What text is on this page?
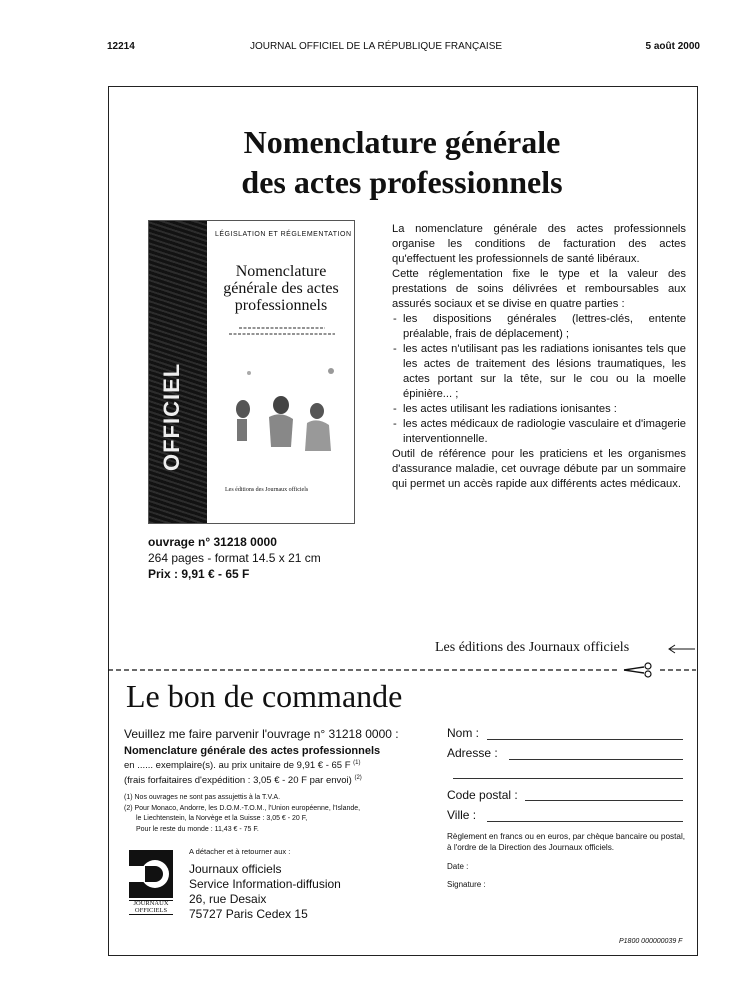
12214	JOURNAL OFFICIEL DE LA RÉPUBLIQUE FRANÇAISE	5 août 2000
Nomenclature générale
des actes professionnels
OFFICIEL
LÉGISLATION ET RÉGLEMENTATION
Nomenclature
générale des actes
professionnels
Les éditions des Journaux officiels
ouvrage n° 31218 0000
264 pages - format 14.5 x 21 cm
Prix : 9,91 € - 65 F

La nomenclature générale des actes professionnels organise les conditions de facturation des actes qu'effectuent les professionnels de santé libéraux.

Cette réglementation fixe le type et la valeur des prestations de soins délivrées et remboursables aux assurés sociaux et se divise en quatre parties :

- les dispositions générales (lettres-clés, entente préalable, frais de déplacement) ;
- les actes n'utilisant pas les radiations ionisantes tels que les actes de traitement des lésions traumatiques, les actes portant sur la tête, sur le cou ou la moelle épinière... ;
- les actes utilisant les radiations ionisantes :
- les actes médicaux de radiologie vasculaire et d'imagerie interventionnelle.

Outil de référence pour les praticiens et les organismes d'assurance maladie, cet ouvrage débute par un sommaire qui permet un accès rapide aux différents actes médicaux.

Les éditions des Journaux officiels
Le bon de commande
Veuillez me faire parvenir l'ouvrage n° 31218 0000 :
Nomenclature générale des actes professionnels
en ...... exemplaire(s). au prix unitaire de 9,91 € - 65 F $^{(1)}$
(frais forfaitaires d'expédition : 3,05 € - 20 F par envoi) $^{(2)}$
(1) Nos ouvrages ne sont pas assujettis à la T.V.A.
(2) Pour Monaco, Andorre, les D.O.M.-T.O.M., l'Union européenne, l'Islande,
le Liechtenstein, la Norvège et la Suisse : 3,05 € - 20 F,
Pour le reste du monde : 11,43 € - 75 F.
A détacher et à retourner aux :
JOURNAUX
OFFICIELS
Journaux officiels
Service Information-diffusion
26, rue Desaix
75727 Paris Cedex 15
Nom :
Adresse :
Code postal :
Ville :
Règlement en francs ou en euros, par chèque bancaire ou postal, à l'ordre de la Direction des Journaux officiels.
Date :
Signature :
P1800 000000039 F
